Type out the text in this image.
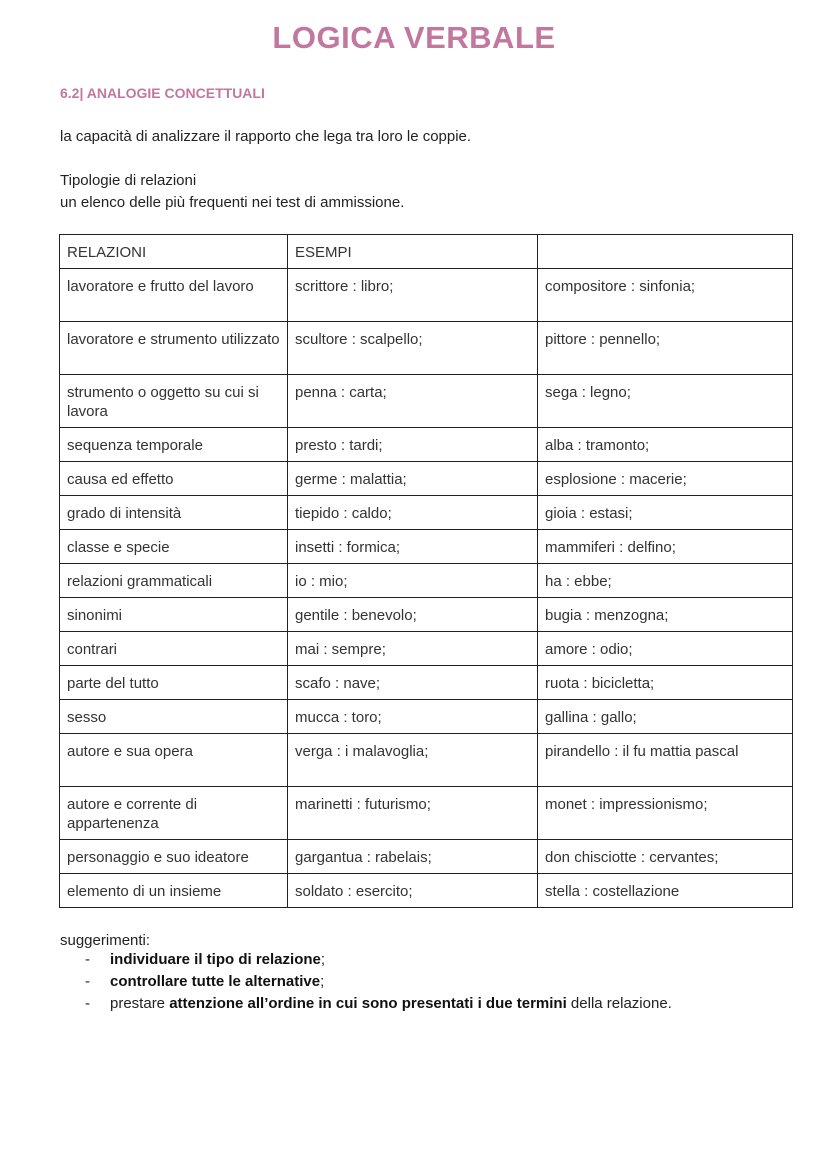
LOGICA VERBALE
6.2| ANALOGIE CONCETTUALI
la capacità di analizzare il rapporto che lega tra loro le coppie.
Tipologie di relazioni
un elenco delle più frequenti nei test di ammissione.
RELAZIONI	ESEMPI	
lavoratore e frutto del lavoro	scrittore : libro;	compositore : sinfonia;
lavoratore e strumento utilizzato	scultore : scalpello;	pittore : pennello;
strumento o oggetto su cui si lavora	penna : carta;	sega : legno;
sequenza temporale	presto : tardi;	alba : tramonto;
causa ed effetto	germe : malattia;	esplosione : macerie;
grado di intensità	tiepido : caldo;	gioia : estasi;
classe e specie	insetti : formica;	mammiferi : delfino;
relazioni grammaticali	io : mio;	ha : ebbe;
sinonimi	gentile : benevolo;	bugia : menzogna;
contrari	mai : sempre;	amore : odio;
parte del tutto	scafo : nave;	ruota : bicicletta;
sesso	mucca : toro;	gallina : gallo;
autore e sua opera	verga : i malavoglia;	pirandello : il fu mattia pascal
autore e corrente di appartenenza	marinetti : futurismo;	monet : impressionismo;
personaggio e suo ideatore	gargantua : rabelais;	don chisciotte : cervantes;
elemento di un insieme	soldato : esercito;	stella : costellazione
suggerimenti:
- individuare il tipo di relazione;
- controllare tutte le alternative;
- prestare attenzione all’ordine in cui sono presentati i due termini della relazione.
